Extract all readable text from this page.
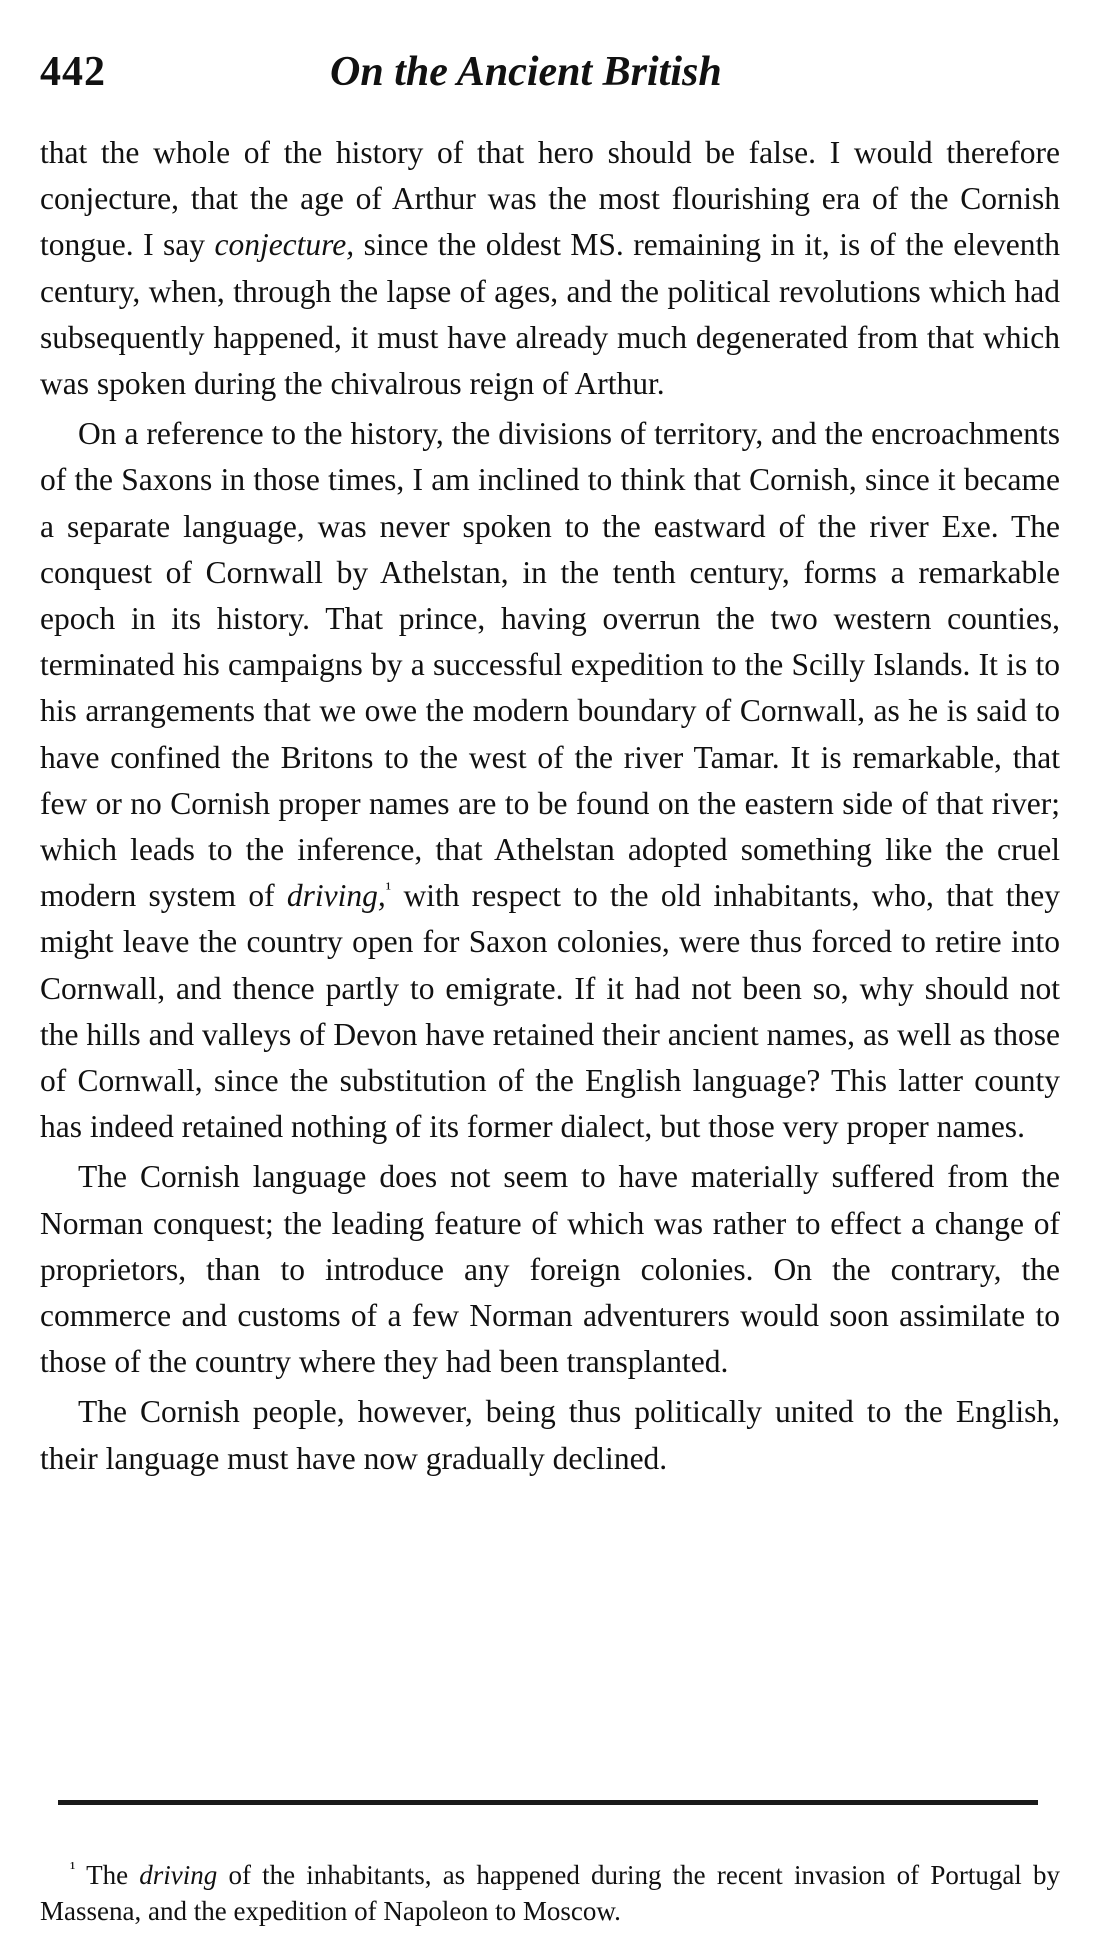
442	On the Ancient British

that the whole of the history of that hero should be false. I would therefore conjecture, that the age of Arthur was the most flourishing era of the Cornish tongue. I say conjecture, since the oldest MS. remaining in it, is of the eleventh century, when, through the lapse of ages, and the political revolutions which had subsequently happened, it must have already much degenerated from that which was spoken during the chivalrous reign of Arthur.

On a reference to the history, the divisions of territory, and the encroachments of the Saxons in those times, I am inclined to think that Cornish, since it became a separate language, was never spoken to the eastward of the river Exe. The conquest of Cornwall by Athelstan, in the tenth century, forms a remarkable epoch in its history. That prince, having overrun the two western counties, terminated his campaigns by a successful expedition to the Scilly Islands. It is to his arrangements that we owe the modern boundary of Cornwall, as he is said to have confined the Britons to the west of the river Tamar. It is remarkable, that few or no Cornish proper names are to be found on the eastern side of that river; which leads to the inference, that Athelstan adopted something like the cruel modern system of driving,$^{^1}$ with respect to the old inhabitants, who, that they might leave the country open for Saxon colonies, were thus forced to retire into Cornwall, and thence partly to emigrate. If it had not been so, why should not the hills and valleys of Devon have retained their ancient names, as well as those of Cornwall, since the substitution of the English language? This latter county has indeed retained nothing of its former dialect, but those very proper names.

The Cornish language does not seem to have materially suffered from the Norman conquest; the leading feature of which was rather to effect a change of proprietors, than to introduce any foreign colonies. On the contrary, the commerce and customs of a few Norman adventurers would soon assimilate to those of the country where they had been transplanted.

The Cornish people, however, being thus politically united to the English, their language must have now gradually declined.

$^{^1}$ The driving of the inhabitants, as happened during the recent invasion of Portugal by Massena, and the expedition of Napoleon to Moscow.
